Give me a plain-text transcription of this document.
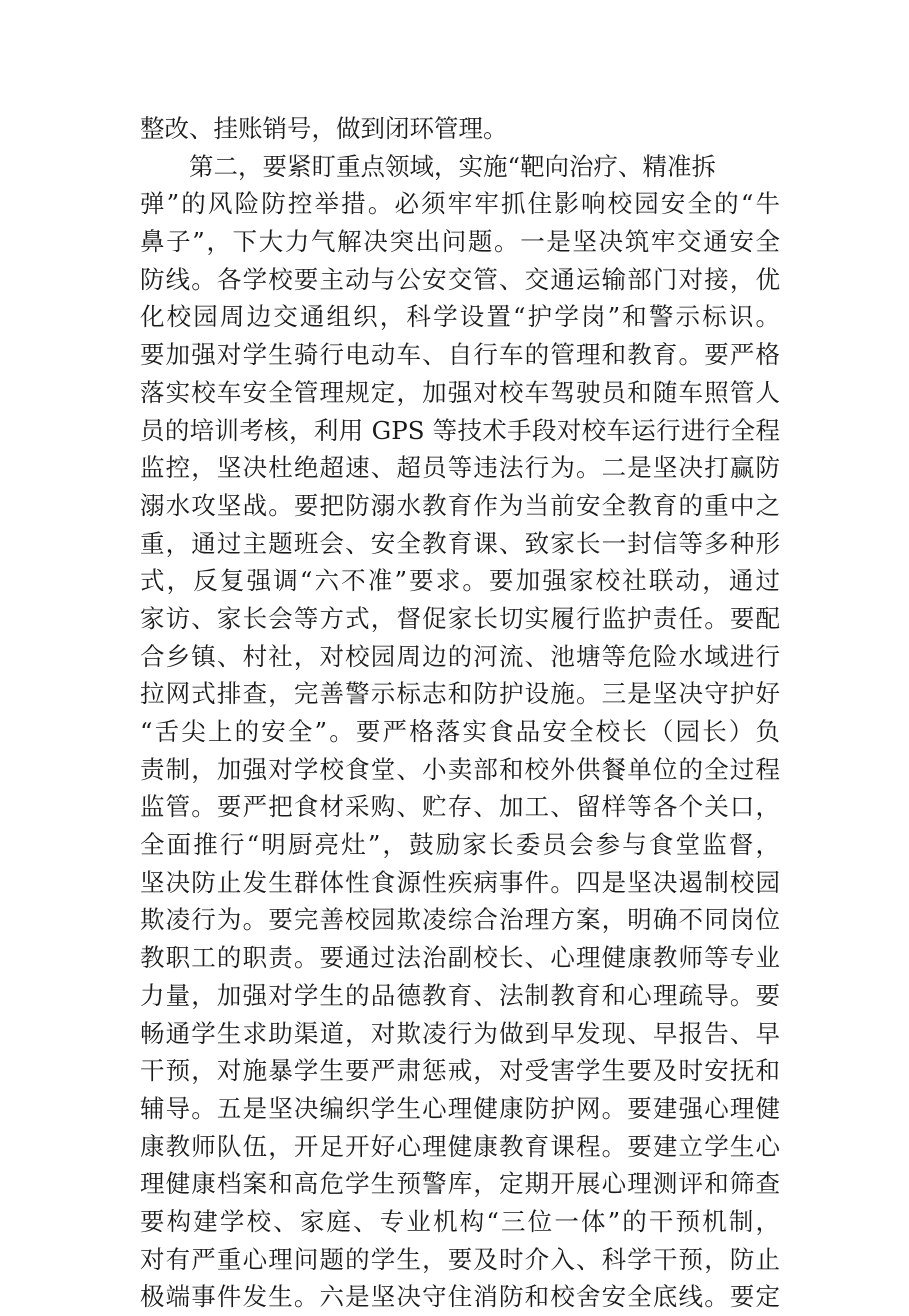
整改、挂账销号，做到闭环管理。
　　第二，要紧盯重点领域，实施“靶向治疗、精准拆
弹”的风险防控举措。必须牢牢抓住影响校园安全的“牛
鼻子”，下大力气解决突出问题。一是坚决筑牢交通安全
防线。各学校要主动与公安交管、交通运输部门对接，优
化校园周边交通组织，科学设置“护学岗”和警示标识。
要加强对学生骑行电动车、自行车的管理和教育。要严格
落实校车安全管理规定，加强对校车驾驶员和随车照管人
员的培训考核，利用 GPS 等技术手段对校车运行进行全程
监控，坚决杜绝超速、超员等违法行为。二是坚决打赢防
溺水攻坚战。要把防溺水教育作为当前安全教育的重中之
重，通过主题班会、安全教育课、致家长一封信等多种形
式，反复强调“六不准”要求。要加强家校社联动，通过
家访、家长会等方式，督促家长切实履行监护责任。要配
合乡镇、村社，对校园周边的河流、池塘等危险水域进行
拉网式排查，完善警示标志和防护设施。三是坚决守护好
“舌尖上的安全”。要严格落实食品安全校长（园长）负
责制，加强对学校食堂、小卖部和校外供餐单位的全过程
监管。要严把食材采购、贮存、加工、留样等各个关口，
全面推行“明厨亮灶”，鼓励家长委员会参与食堂监督，
坚决防止发生群体性食源性疾病事件。四是坚决遏制校园
欺凌行为。要完善校园欺凌综合治理方案，明确不同岗位
教职工的职责。要通过法治副校长、心理健康教师等专业
力量，加强对学生的品德教育、法制教育和心理疏导。要
畅通学生求助渠道，对欺凌行为做到早发现、早报告、早
干预，对施暴学生要严肃惩戒，对受害学生要及时安抚和
辅导。五是坚决编织学生心理健康防护网。要建强心理健
康教师队伍，开足开好心理健康教育课程。要建立学生心
理健康档案和高危学生预警库，定期开展心理测评和筛查
要构建学校、家庭、专业机构“三位一体”的干预机制，
对有严重心理问题的学生，要及时介入、科学干预，防止
极端事件发生。六是坚决守住消防和校舍安全底线。要定
